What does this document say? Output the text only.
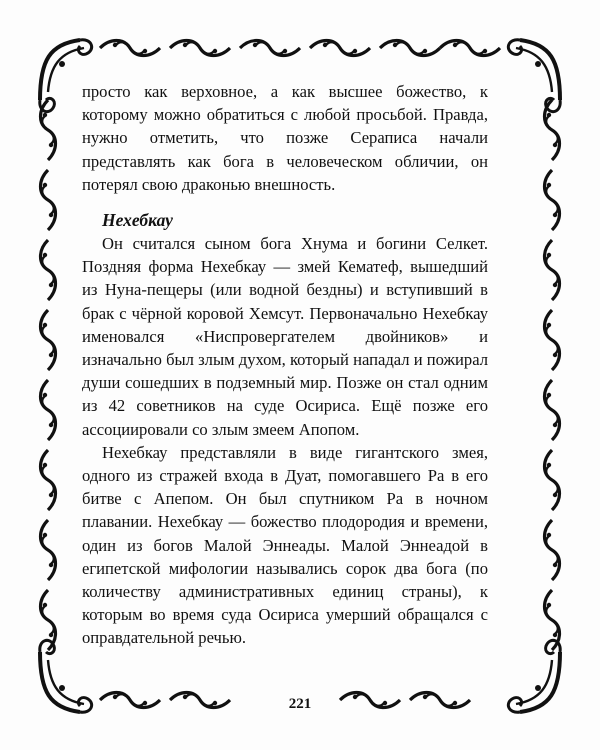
просто как верховное, а как высшее божество, к которому можно обратиться с любой просьбой. Правда, нужно отметить, что позже Сераписа начали представлять как бога в человеческом обличии, он потерял свою драконью внешность.

Нехебкау

Он считался сыном бога Хнума и богини Селкет. Поздняя форма Нехебкау — змей Кематеф, вышедший из Нуна-пещеры (или водной бездны) и вступивший в брак с чёрной коровой Хемсут. Первоначально Нехебкау именовался «Ниспровергателем двойников» и изначально был злым духом, который нападал и пожирал души сошедших в подземный мир. Позже он стал одним из 42 советников на суде Осириса. Ещё позже его ассоциировали со злым змеем Апопом.

Нехебкау представляли в виде гигантского змея, одного из стражей входа в Дуат, помогавшего Ра в его битве с Апепом. Он был спутником Ра в ночном плавании. Нехебкау — божество плодородия и времени, один из богов Малой Эннеады. Малой Эннеадой в египетской мифологии назывались сорок два бога (по количеству административных единиц страны), к которым во время суда Осириса умерший обращался с оправдательной речью.

221
